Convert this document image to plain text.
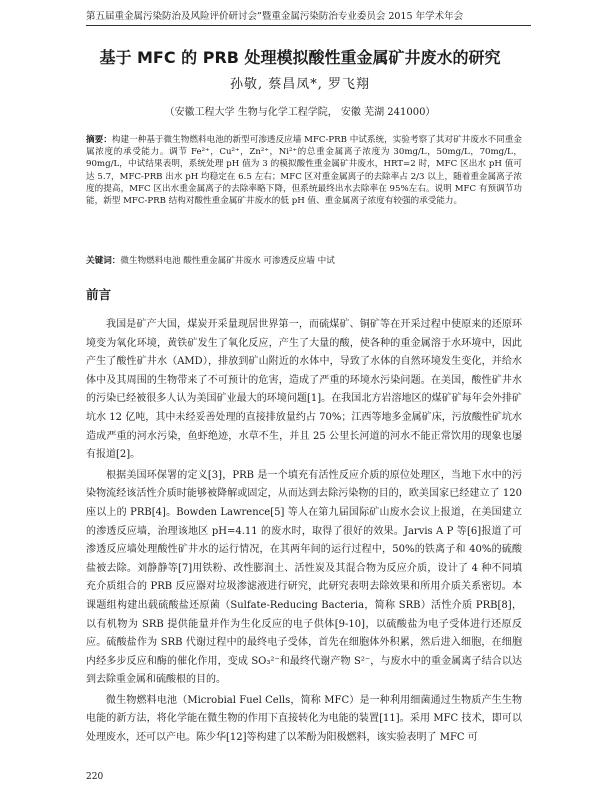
第五届重金属污染防治及风险评价研讨会”暨重金属污染防治专业委员会 2015 年学术年会
基于 MFC 的 PRB 处理模拟酸性重金属矿井废水的研究
孙敬, 蔡昌凤*, 罗飞翔
（安徽工程大学 生物与化学工程学院， 安徽 芜湖 241000）
摘要：构建一种基于微生物燃料电池的新型可渗透反应墙 MFC-PRB 中试系统，实验考察了其对矿井废水不同重金属浓度的承受能力。调节 Fe²⁺，Cu²⁺，Zn²⁺，Ni²⁺的总重金属离子浓度为 30mg/L，50mg/L，70mg/L，90mg/L，中试结果表明，系统处理 pH 值为 3 的模拟酸性重金属矿井废水，HRT=2 时，MFC 区出水 pH 值可达 5.7，MFC-PRB 出水 pH 均稳定在 6.5 左右；MFC 区对重金属离子的去除率占 2/3 以上，随着重金属离子浓度的提高，MFC 区出水重金属离子的去除率略下降，但系统最终出水去除率在 95%左右。说明 MFC 有预调节功能，新型 MFC-PRB 结构对酸性重金属矿井废水的低 pH 值、重金属离子浓度有较强的承受能力。
关键词：微生物燃料电池 酸性重金属矿井废水 可渗透反应墙 中试
前言

我国是矿产大国，煤炭开采量现居世界第一，而硫煤矿、铜矿等在开采过程中使原来的还原环境变为氧化环境，黄铁矿发生了氧化反应，产生了大量的酸，使各种的重金属溶于水环境中，因此产生了酸性矿井水（AMD），排放到矿山附近的水体中，导致了水体的自然环境发生变化，并给水体中及其周围的生物带来了不可预计的危害，造成了严重的环境水污染问题。在美国，酸性矿井水的污染已经被很多人认为美国矿业最大的环境问题[1]。在我国北方岩溶地区的煤矿矿每年会外排矿坑水 12 亿吨，其中未经妥善处理的直接排放量约占 70%；江西等地多金属矿床，污放酸性矿坑水造成严重的河水污染，鱼虾绝迹，水草不生，并且 25 公里长河道的河水不能正常饮用的现象也屡有报道[2]。

根据美国环保署的定义[3]，PRB 是一个填充有活性反应介质的原位处理区，当地下水中的污染物流经该活性介质时能够被降解或固定，从而达到去除污染物的目的，欧美国家已经建立了 120 座以上的 PRB[4]。Bowden Lawrence[5] 等人在第九届国际矿山废水会议上报道，在美国建立的渗透反应墙，治理该地区 pH=4.11 的废水时，取得了很好的效果。Jarvis A P 等[6]报道了可渗透反应墙处理酸性矿井水的运行情况，在其两年间的运行过程中，50%的铁离子和 40%的硫酸盐被去除。刘静静等[7]用铁粉、改性膨润土、活性炭及其混合物为反应介质，设计了 4 种不同填充介质组合的 PRB 反应器对垃圾渗滤液进行研究，此研究表明去除效果和所用介质关系密切。本课题组构建出载硫酸盐还原菌（Sulfate-Reducing Bacteria，简称 SRB）活性介质 PRB[8]，以有机物为 SRB 提供能量并作为生化反应的电子供体[9-10]，以硫酸盐为电子受体进行还原反应。硫酸盐作为 SRB 代谢过程中的最终电子受体，首先在细胞体外积累，然后进入细胞，在细胞内经多步反应和酶的催化作用，变成 SO₃²⁻和最终代谢产物 S²⁻，与废水中的重金属离子结合以达到去除重金属和硫酸根的目的。

微生物燃料电池（Microbial Fuel Cells，简称 MFC）是一种利用细菌通过生物质产生生物电能的新方法，将化学能在微生物的作用下直接转化为电能的装置[11]。采用 MFC 技术，即可以处理废水，还可以产电。陈少华[12]等构建了以苯酚为阳极燃料，该实验表明了 MFC 可

220
